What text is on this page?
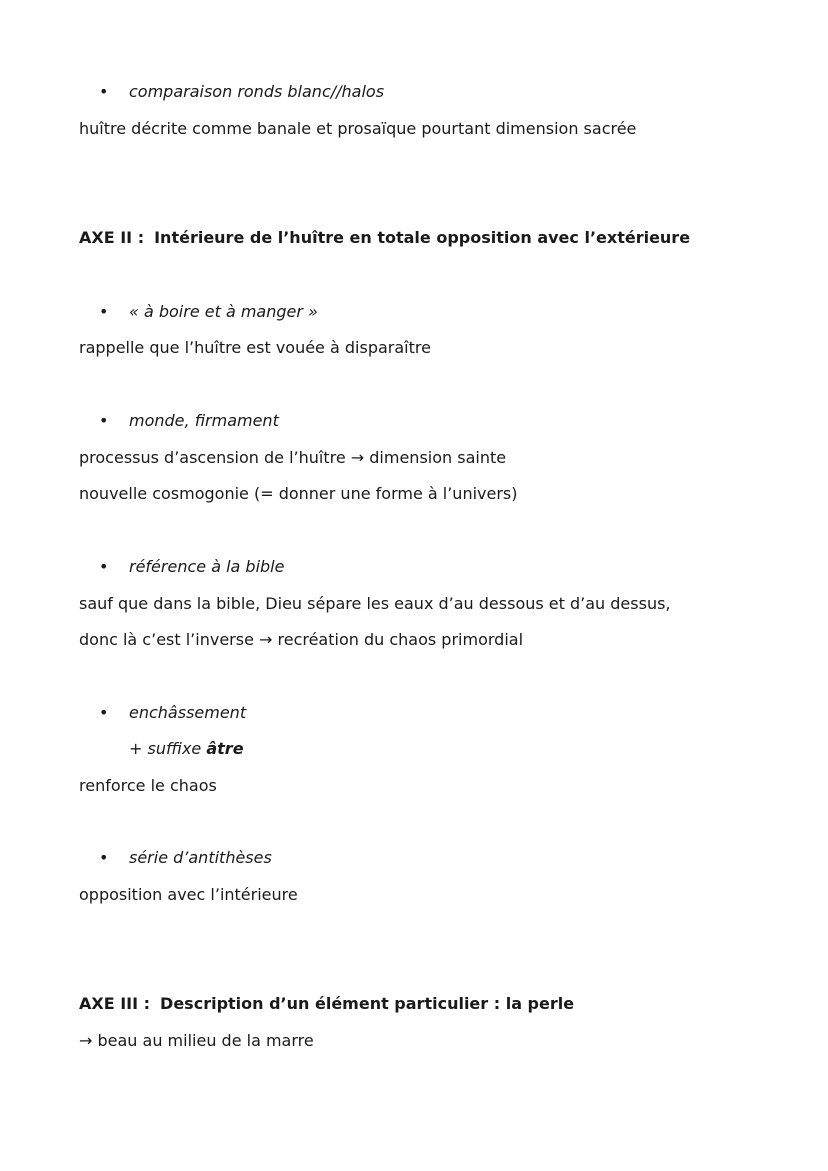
• comparaison ronds blanc//halos
huître décrite comme banale et prosaïque pourtant dimension sacrée
AXE II : Intérieure de l’huître en totale opposition avec l’extérieure
• « à boire et à manger »
rappelle que l’huître est vouée à disparaître
• monde, firmament
processus d’ascension de l’huître → dimension sainte
nouvelle cosmogonie (= donner une forme à l’univers)
• référence à la bible
sauf que dans la bible, Dieu sépare les eaux d’au dessous et d’au dessus,
donc là c’est l’inverse → recréation du chaos primordial
• enchâssement
+ suffixe âtre
renforce le chaos
• série d’antithèses
opposition avec l’intérieure
AXE III : Description d’un élément particulier : la perle
→ beau au milieu de la marre
